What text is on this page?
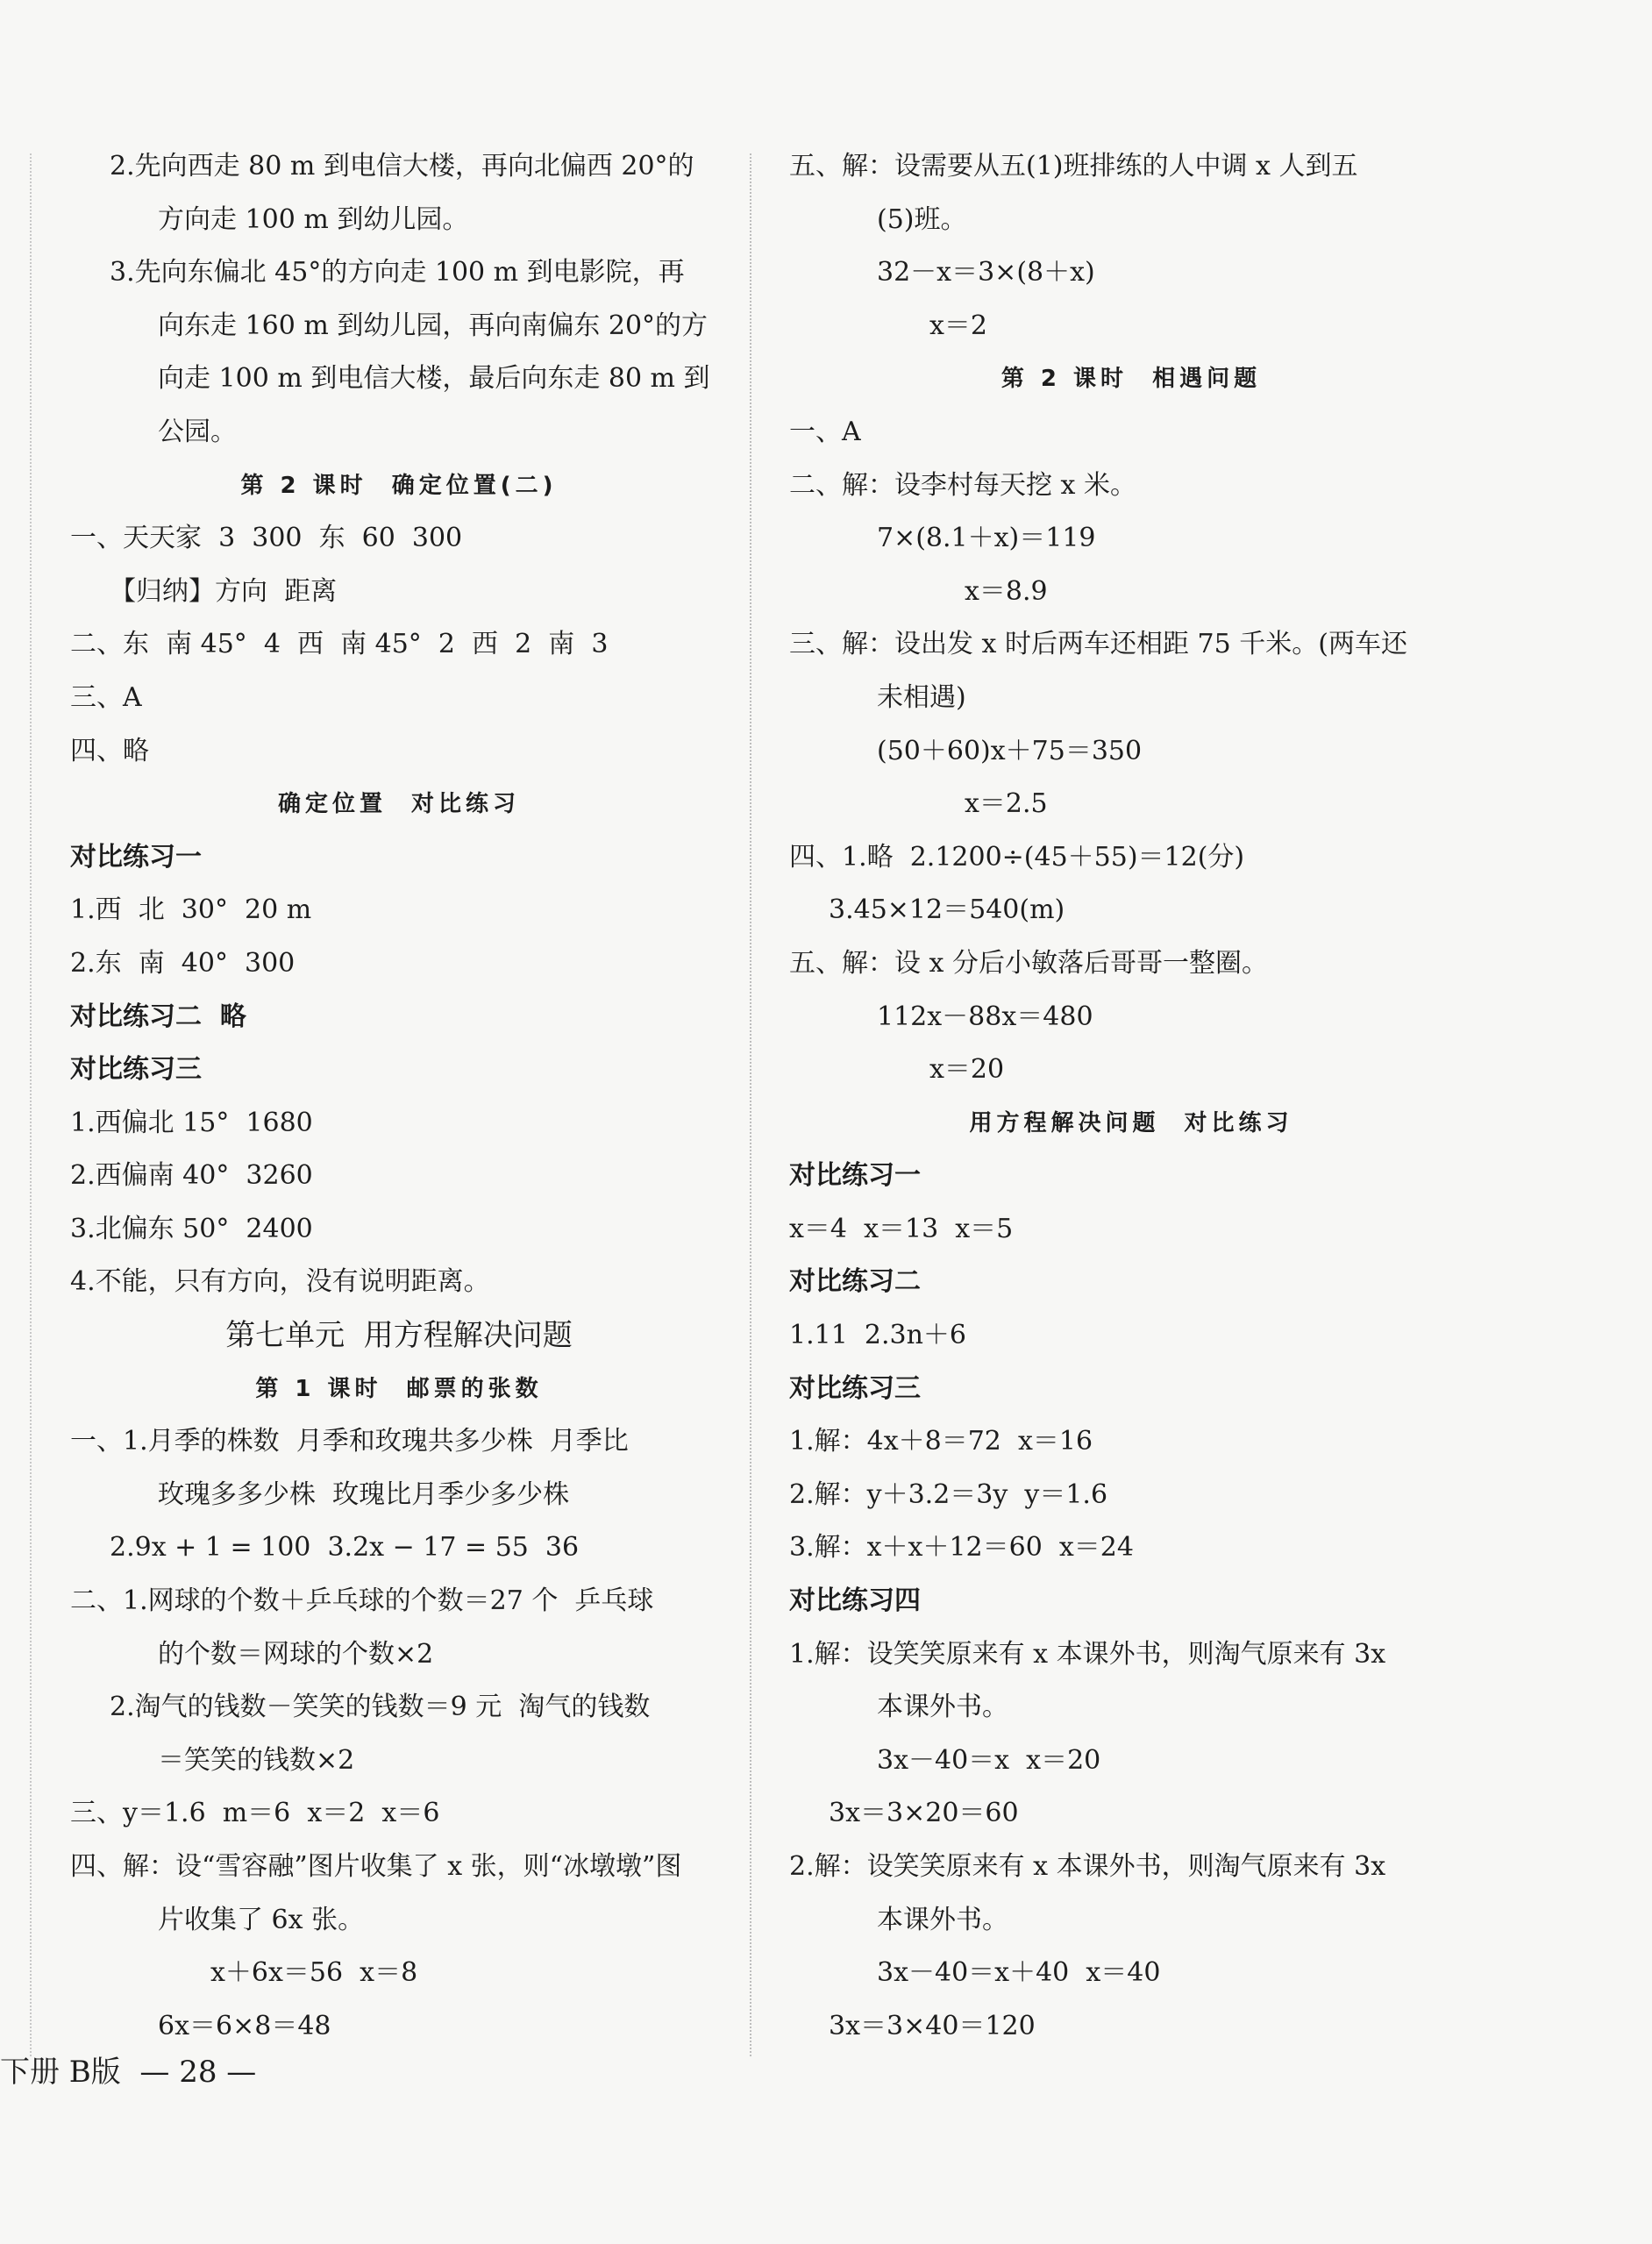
2.先向西走 80 m 到电信大楼，再向北偏西 20°的
方向走 100 m 到幼儿园。
3.先向东偏北 45°的方向走 100 m 到电影院，再
向东走 160 m 到幼儿园，再向南偏东 20°的方
向走 100 m 到电信大楼，最后向东走 80 m 到
公园。
第 2 课时  确定位置(二)
一、天天家  3  300  东  60  300
【归纳】方向  距离
二、东  南 45°  4  西  南 45°  2  西  2  南  3
三、A
四、略
确定位置  对比练习
对比练习一
1.西  北  30°  20 m
2.东  南  40°  300
对比练习二  略
对比练习三
1.西偏北 15°  1680
2.西偏南 40°  3260
3.北偏东 50°  2400
4.不能，只有方向，没有说明距离。
第七单元  用方程解决问题
第 1 课时  邮票的张数
一、1.月季的株数  月季和玫瑰共多少株  月季比
玫瑰多多少株  玫瑰比月季少多少株
2.9x + 1 = 100  3.2x − 17 = 55  36
二、1.网球的个数＋乒乓球的个数＝27 个  乒乓球
的个数＝网球的个数×2
2.淘气的钱数－笑笑的钱数＝9 元  淘气的钱数
＝笑笑的钱数×2
三、y＝1.6  m＝6  x＝2  x＝6
四、解：设“雪容融”图片收集了 x 张，则“冰墩墩”图
片收集了 6x 张。
x＋6x＝56  x＝8
6x＝6×8＝48
五、解：设需要从五(1)班排练的人中调 x 人到五
(5)班。
32－x＝3×(8＋x)
x＝2
第 2 课时  相遇问题
一、A
二、解：设李村每天挖 x 米。
7×(8.1＋x)＝119
x＝8.9
三、解：设出发 x 时后两车还相距 75 千米。(两车还
未相遇)
(50＋60)x＋75＝350
x＝2.5
四、1.略  2.1200÷(45＋55)＝12(分)
3.45×12＝540(m)
五、解：设 x 分后小敏落后哥哥一整圈。
112x－88x＝480
x＝20
用方程解决问题  对比练习
对比练习一
x＝4  x＝13  x＝5
对比练习二
1.11  2.3n＋6
对比练习三
1.解：4x＋8＝72  x＝16
2.解：y＋3.2＝3y  y＝1.6
3.解：x＋x＋12＝60  x＝24
对比练习四
1.解：设笑笑原来有 x 本课外书，则淘气原来有 3x
本课外书。
3x－40＝x  x＝20
3x＝3×20＝60
2.解：设笑笑原来有 x 本课外书，则淘气原来有 3x
本课外书。
3x－40＝x＋40  x＝40
3x＝3×40＝120
下册 B版  — 28 —
